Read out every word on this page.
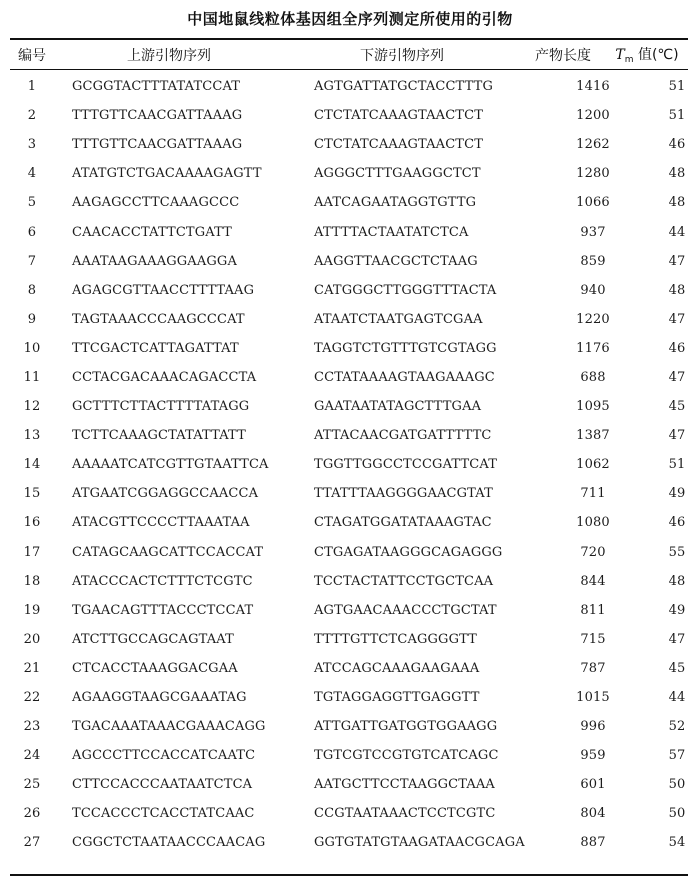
中国地鼠线粒体基因组全序列测定所使用的引物
编号	上游引物序列	下游引物序列	产物长度	$T_m$ 值(℃)
1	GCGGTACTTTATATCCAT	AGTGATTATGCTACCTTTG	1416	51
2	TTTGTTCAACGATTAAAG	CTCTATCAAAGTAACTCT	1200	51
3	TTTGTTCAACGATTAAAG	CTCTATCAAAGTAACTCT	1262	46
4	ATATGTCTGACAAAAGAGTT	AGGGCTTTGAAGGCTCT	1280	48
5	AAGAGCCTTCAAAGCCC	AATCAGAATAGGTGTTG	1066	48
6	CAACACCTATTCTGATT	ATTTTACTAATATCTCA	937	44
7	AAATAAGAAAGGAAGGA	AAGGTTAACGCTCTAAG	859	47
8	AGAGCGTTAACCTTTTAAG	CATGGGCTTGGGTTTACTA	940	48
9	TAGTAAACCCAAGCCCAT	ATAATCTAATGAGTCGAA	1220	47
10	TTCGACTCATTAGATTAT	TAGGTCTGTTTGTCGTAGG	1176	46
11	CCTACGACAAACAGACCTA	CCTATAAAAGTAAGAAAGC	688	47
12	GCTTTCTTACTTTTATAGG	GAATAATATAGCTTTGAA	1095	45
13	TCTTCAAAGCTATATTATT	ATTACAACGATGATTTTTC	1387	47
14	AAAAATCATCGTTGTAATTCA	TGGTTGGCCTCCGATTCAT	1062	51
15	ATGAATCGGAGGCCAACCA	TTATTTAAGGGGAACGTAT	711	49
16	ATACGTTCCCCTTAAATAA	CTAGATGGATATAAAGTAC	1080	46
17	CATAGCAAGCATTCCACCAT	CTGAGATAAGGGCAGAGGG	720	55
18	ATACCCACTCTTTCTCGTC	TCCTACTATTCCTGCTCAA	844	48
19	TGAACAGTTTACCCTCCAT	AGTGAACAAACCCTGCTAT	811	49
20	ATCTTGCCAGCAGTAAT	TTTTGTTCTCAGGGGTT	715	47
21	CTCACCTAAAGGACGAA	ATCCAGCAAAGAAGAAA	787	45
22	AGAAGGTAAGCGAAATAG	TGTAGGAGGTTGAGGTT	1015	44
23	TGACAAATAAACGAAACAGG	ATTGATTGATGGTGGAAGG	996	52
24	AGCCCTTCCACCATCAATC	TGTCGTCCGTGTCATCAGC	959	57
25	CTTCCACCCAATAATCTCA	AATGCTTCCTAAGGCTAAA	601	50
26	TCCACCCTCACCTATCAAC	CCGTAATAAACTCCTCGTC	804	50
27	CGGCTCTAATAACCCAACAG	GGTGTATGTAAGATAACGCAGA	887	54
